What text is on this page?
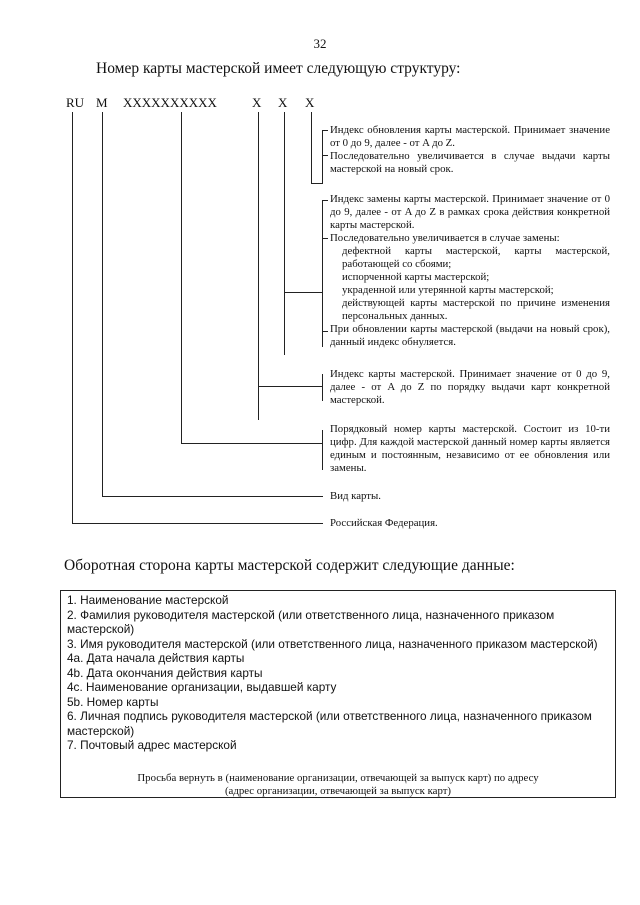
32
Номер карты мастерской имеет следующую структуру:
RU M XXXXXXXXXX	X X X
Индекс обновления карты мастерской. Принимает значение от 0 до 9, далее - от A до Z.
Последовательно увеличивается в случае выдачи карты мастерской на новый срок.
Индекс замены карты мастерской. Принимает значение от 0 до 9, далее - от A до Z в рамках срока действия конкретной карты мастерской.
Последовательно увеличивается в случае замены:
дефектной карты мастерской, карты мастерской, работающей со сбоями;
испорченной карты мастерской;
украденной или утерянной карты мастерской;
действующей карты мастерской по причине изменения персональных данных.
При обновлении карты мастерской (выдачи на новый срок), данный индекс обнуляется.
Индекс карты мастерской. Принимает значение от 0 до 9, далее - от A до Z по порядку выдачи карт конкретной мастерской.
Порядковый номер карты мастерской. Состоит из 10-ти цифр. Для каждой мастерской данный номер карты является единым и постоянным, независимо от ее обновления или замены.
Вид карты.
Российская Федерация.
Оборотная сторона карты мастерской содержит следующие данные:
1. Наименование мастерской
2. Фамилия руководителя мастерской (или ответственного лица, назначенного приказом мастерской)
3. Имя руководителя мастерской (или ответственного лица, назначенного приказом мастерской)
4a. Дата начала действия карты
4b. Дата окончания действия карты
4c. Наименование организации, выдавшей карту
5b. Номер карты
6. Личная подпись руководителя мастерской (или ответственного лица, назначенного приказом мастерской)
7. Почтовый адрес мастерской
Просьба вернуть в (наименование организации, отвечающей за выпуск карт) по адресу
(адрес организации, отвечающей за выпуск карт)
